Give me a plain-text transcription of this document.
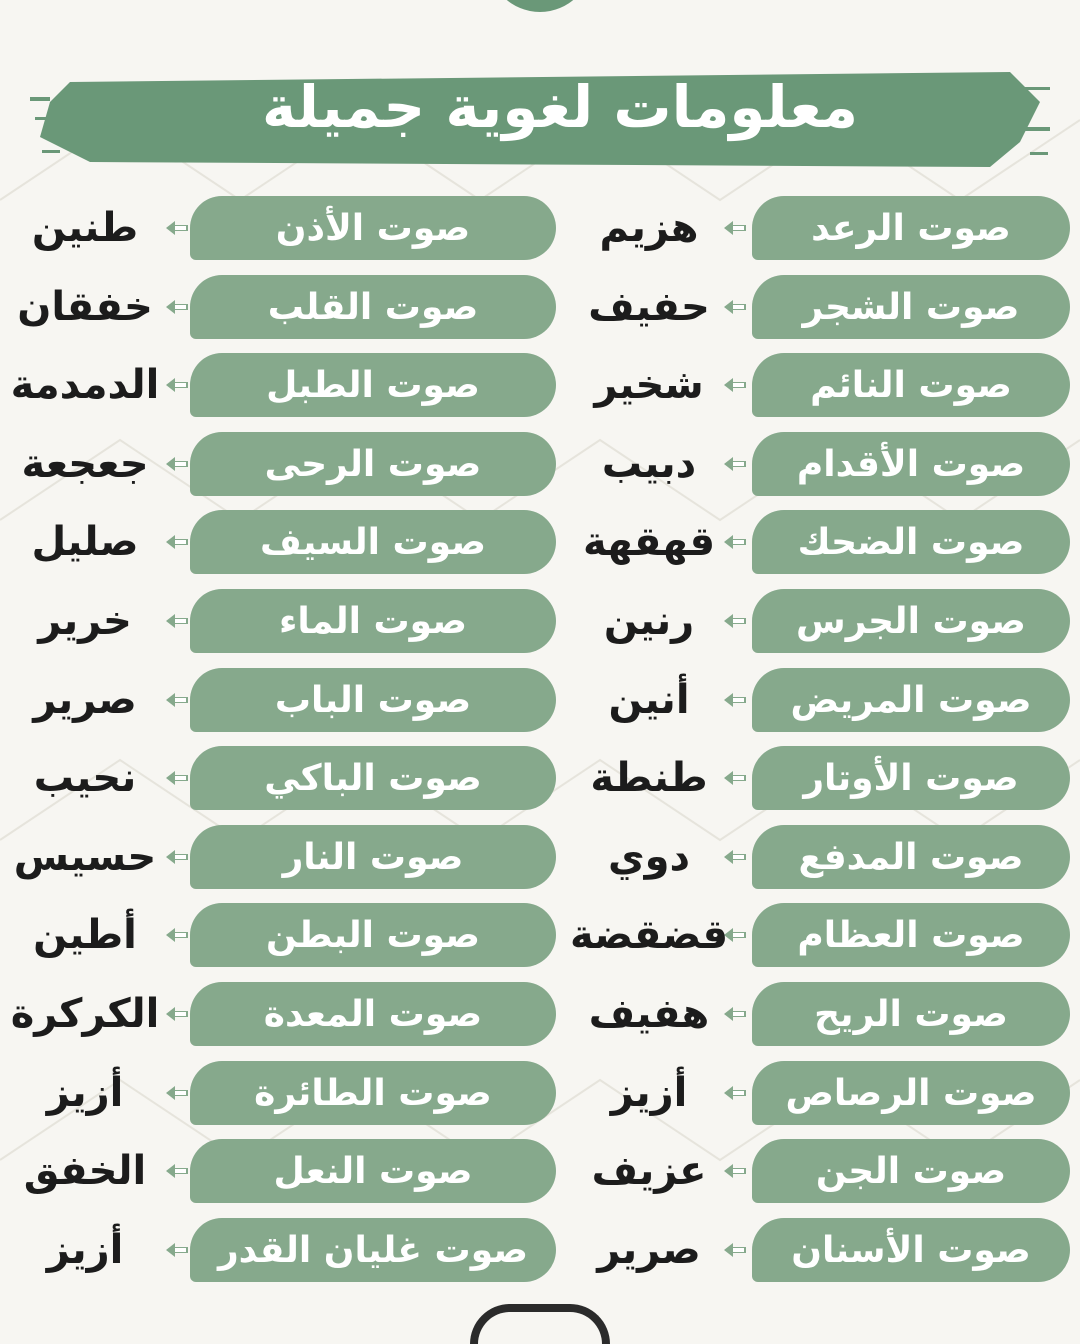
معلومات لغوية جميلة
صوت الرعد
هزيم
صوت الشجر
حفيف
صوت النائم
شخير
صوت الأقدام
دبيب
صوت الضحك
قهقهة
صوت الجرس
رنين
صوت المريض
أنين
صوت الأوتار
طنطة
صوت المدفع
دوي
صوت العظام
قضقضة
صوت الريح
هفيف
صوت الرصاص
أزيز
صوت الجن
عزيف
صوت الأسنان
صرير
صوت الأذن
طنين
صوت القلب
خفقان
صوت الطبل
الدمدمة
صوت الرحى
جعجعة
صوت السيف
صليل
صوت الماء
خرير
صوت الباب
صرير
صوت الباكي
نحيب
صوت النار
حسيس
صوت البطن
أطين
صوت المعدة
الكركرة
صوت الطائرة
أزيز
صوت النعل
الخفق
صوت غليان القدر
أزيز
